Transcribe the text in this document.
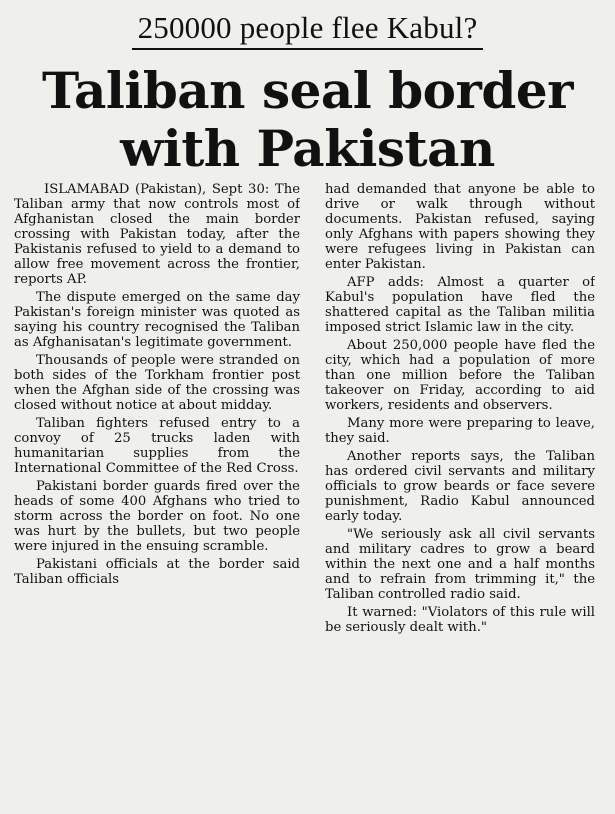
250000 people flee Kabul?
Taliban seal border
with Pakistan

ISLAMABAD (Pakistan), Sept 30: The Taliban army that now controls most of Afghanistan closed the main border crossing with Pakistan today, after the Pakistanis refused to yield to a demand to allow free movement across the frontier, reports AP.

The dispute emerged on the same day Pakistan's foreign minister was quoted as saying his country recognised the Taliban as Afghanisatan's legitimate government.

Thousands of people were stranded on both sides of the Torkham frontier post when the Afghan side of the crossing was closed without notice at about midday.

Taliban fighters refused entry to a convoy of 25 trucks laden with humanitarian supplies from the International Committee of the Red Cross.

Pakistani border guards fired over the heads of some 400 Afghans who tried to storm across the border on foot. No one was hurt by the bullets, but two people were injured in the ensuing scramble.

Pakistani officials at the border said Taliban officials

had demanded that anyone be able to drive or walk through without documents. Pakistan refused, saying only Afghans with papers showing they were refugees living in Pakistan can enter Pakistan.

AFP adds: Almost a quarter of Kabul's population have fled the shattered capital as the Taliban militia imposed strict Islamic law in the city.

About 250,000 people have fled the city, which had a population of more than one million before the Taliban takeover on Friday, according to aid workers, residents and observers.

Many more were preparing to leave, they said.

Another reports says, the Taliban has ordered civil servants and military officials to grow beards or face severe punishment, Radio Kabul announced early today.

"We seriously ask all civil servants and military cadres to grow a beard within the next one and a half months and to refrain from trimming it," the Taliban controlled radio said.

It warned: "Violators of this rule will be seriously dealt with."
